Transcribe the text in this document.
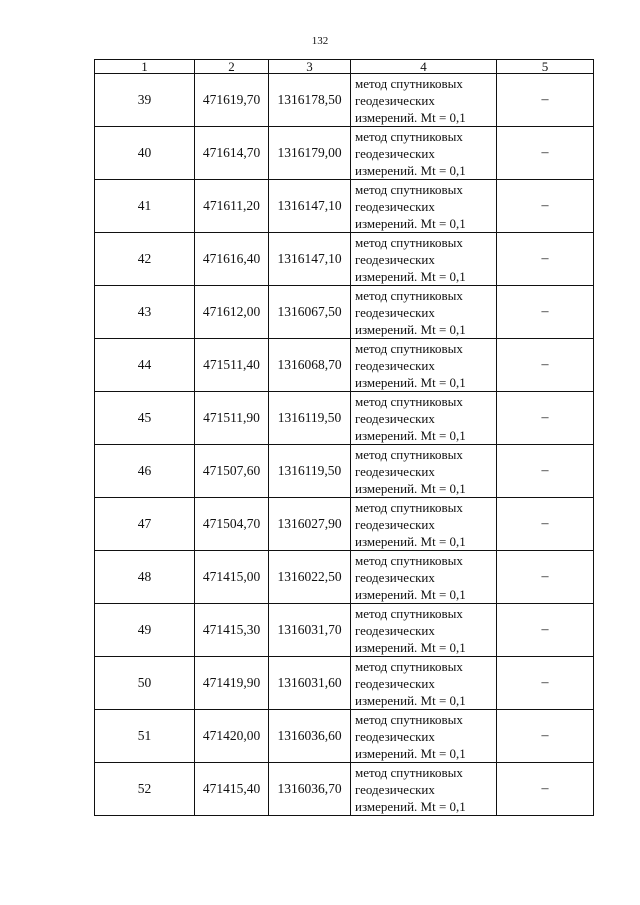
132
1	2	3	4	5
39	471619,70	1316178,50	метод спутниковых
геодезических
измерений. Mt = 0,1	–
40	471614,70	1316179,00	метод спутниковых
геодезических
измерений. Mt = 0,1	–
41	471611,20	1316147,10	метод спутниковых
геодезических
измерений. Mt = 0,1	–
42	471616,40	1316147,10	метод спутниковых
геодезических
измерений. Mt = 0,1	–
43	471612,00	1316067,50	метод спутниковых
геодезических
измерений. Mt = 0,1	–
44	471511,40	1316068,70	метод спутниковых
геодезических
измерений. Mt = 0,1	–
45	471511,90	1316119,50	метод спутниковых
геодезических
измерений. Mt = 0,1	–
46	471507,60	1316119,50	метод спутниковых
геодезических
измерений. Mt = 0,1	–
47	471504,70	1316027,90	метод спутниковых
геодезических
измерений. Mt = 0,1	–
48	471415,00	1316022,50	метод спутниковых
геодезических
измерений. Mt = 0,1	–
49	471415,30	1316031,70	метод спутниковых
геодезических
измерений. Mt = 0,1	–
50	471419,90	1316031,60	метод спутниковых
геодезических
измерений. Mt = 0,1	–
51	471420,00	1316036,60	метод спутниковых
геодезических
измерений. Mt = 0,1	–
52	471415,40	1316036,70	метод спутниковых
геодезических
измерений. Mt = 0,1	–
